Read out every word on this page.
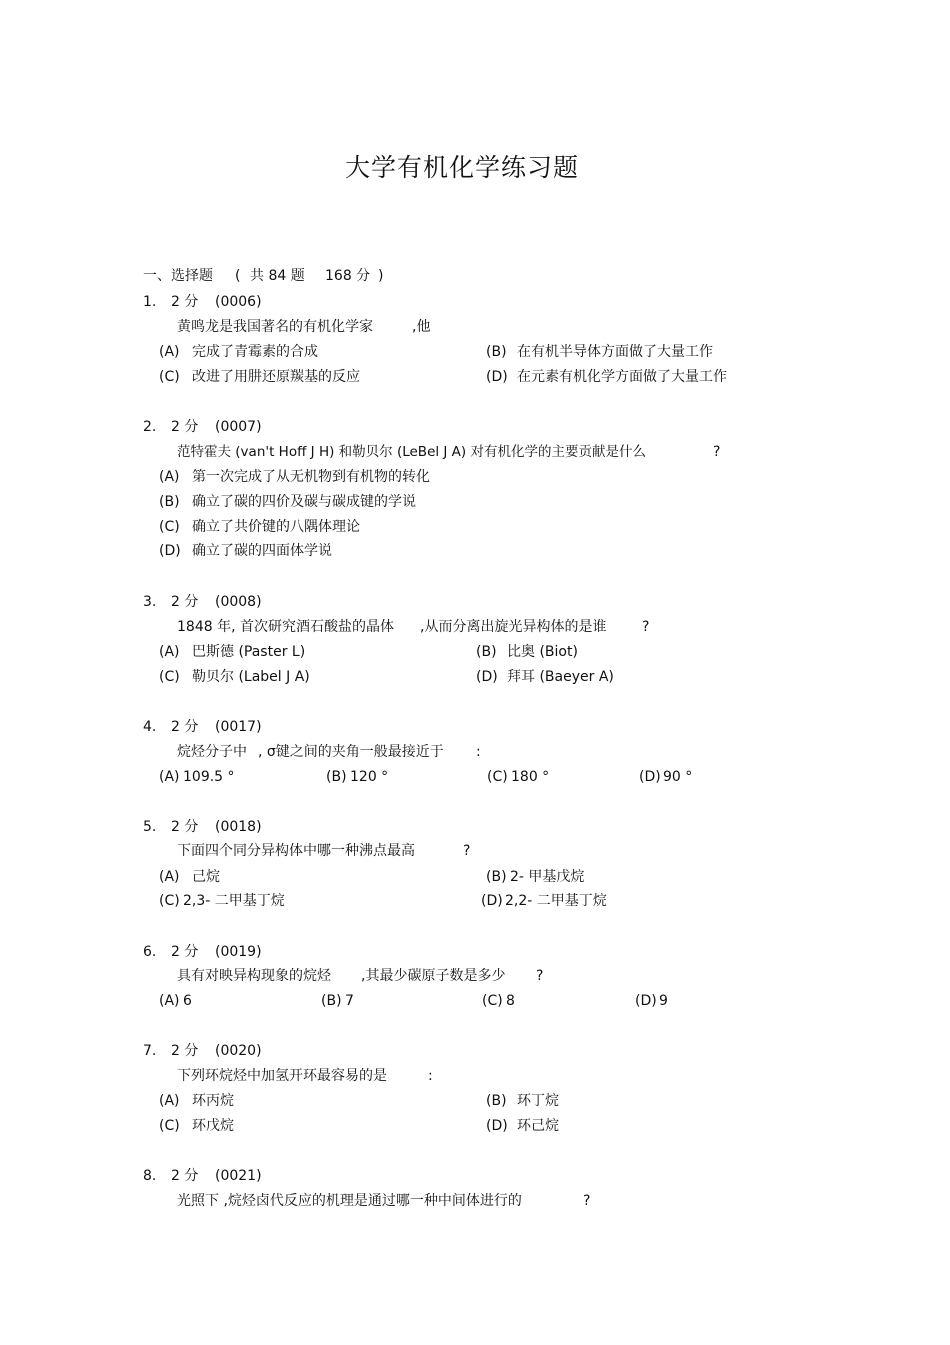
大学有机化学练习题
一、选择题 ( 共 84 题 168 分 )
1. 2 分 (0006)
黄鸣龙是我国著名的有机化学家	,他
(A) 完成了青霉素的合成	(B) 在有机半导体方面做了大量工作
(C) 改进了用肼还原羰基的反应	(D) 在元素有机化学方面做了大量工作
2. 2 分 (0007)
范特霍夫 (van't Hoff J H) 和勒贝尔 (LeBel J A) 对有机化学的主要贡献是什么	?
(A) 第一次完成了从无机物到有机物的转化
(B) 确立了碳的四价及碳与碳成键的学说
(C) 确立了共价键的八隅体理论
(D) 确立了碳的四面体学说
3. 2 分 (0008)
1848 年, 首次研究酒石酸盐的晶体 ,从而分离出旋光异构体的是谁	?
(A) 巴斯德 (Paster L)	(B) 比奥 (Biot)
(C) 勒贝尔 (Label J A)	(D) 拜耳 (Baeyer A)
4. 2 分 (0017)
烷烃分子中 , σ键之间的夹角一般最接近于 :
(A) 109.5 °	(B) 120 °	(C) 180 °	(D) 90 °
5. 2 分 (0018)
下面四个同分异构体中哪一种沸点最高	?
(A) 己烷	(B) 2- 甲基戊烷
(C) 2,3- 二甲基丁烷	(D) 2,2- 二甲基丁烷
6. 2 分 (0019)
具有对映异构现象的烷烃 ,其最少碳原子数是多少 ?
(A) 6	(B) 7	(C) 8	(D) 9
7. 2 分 (0020)
下列环烷烃中加氢开环最容易的是	:
(A) 环丙烷	(B) 环丁烷
(C) 环戊烷	(D) 环己烷
8. 2 分 (0021)
光照下 ,烷烃卤代反应的机理是通过哪一种中间体进行的	?
